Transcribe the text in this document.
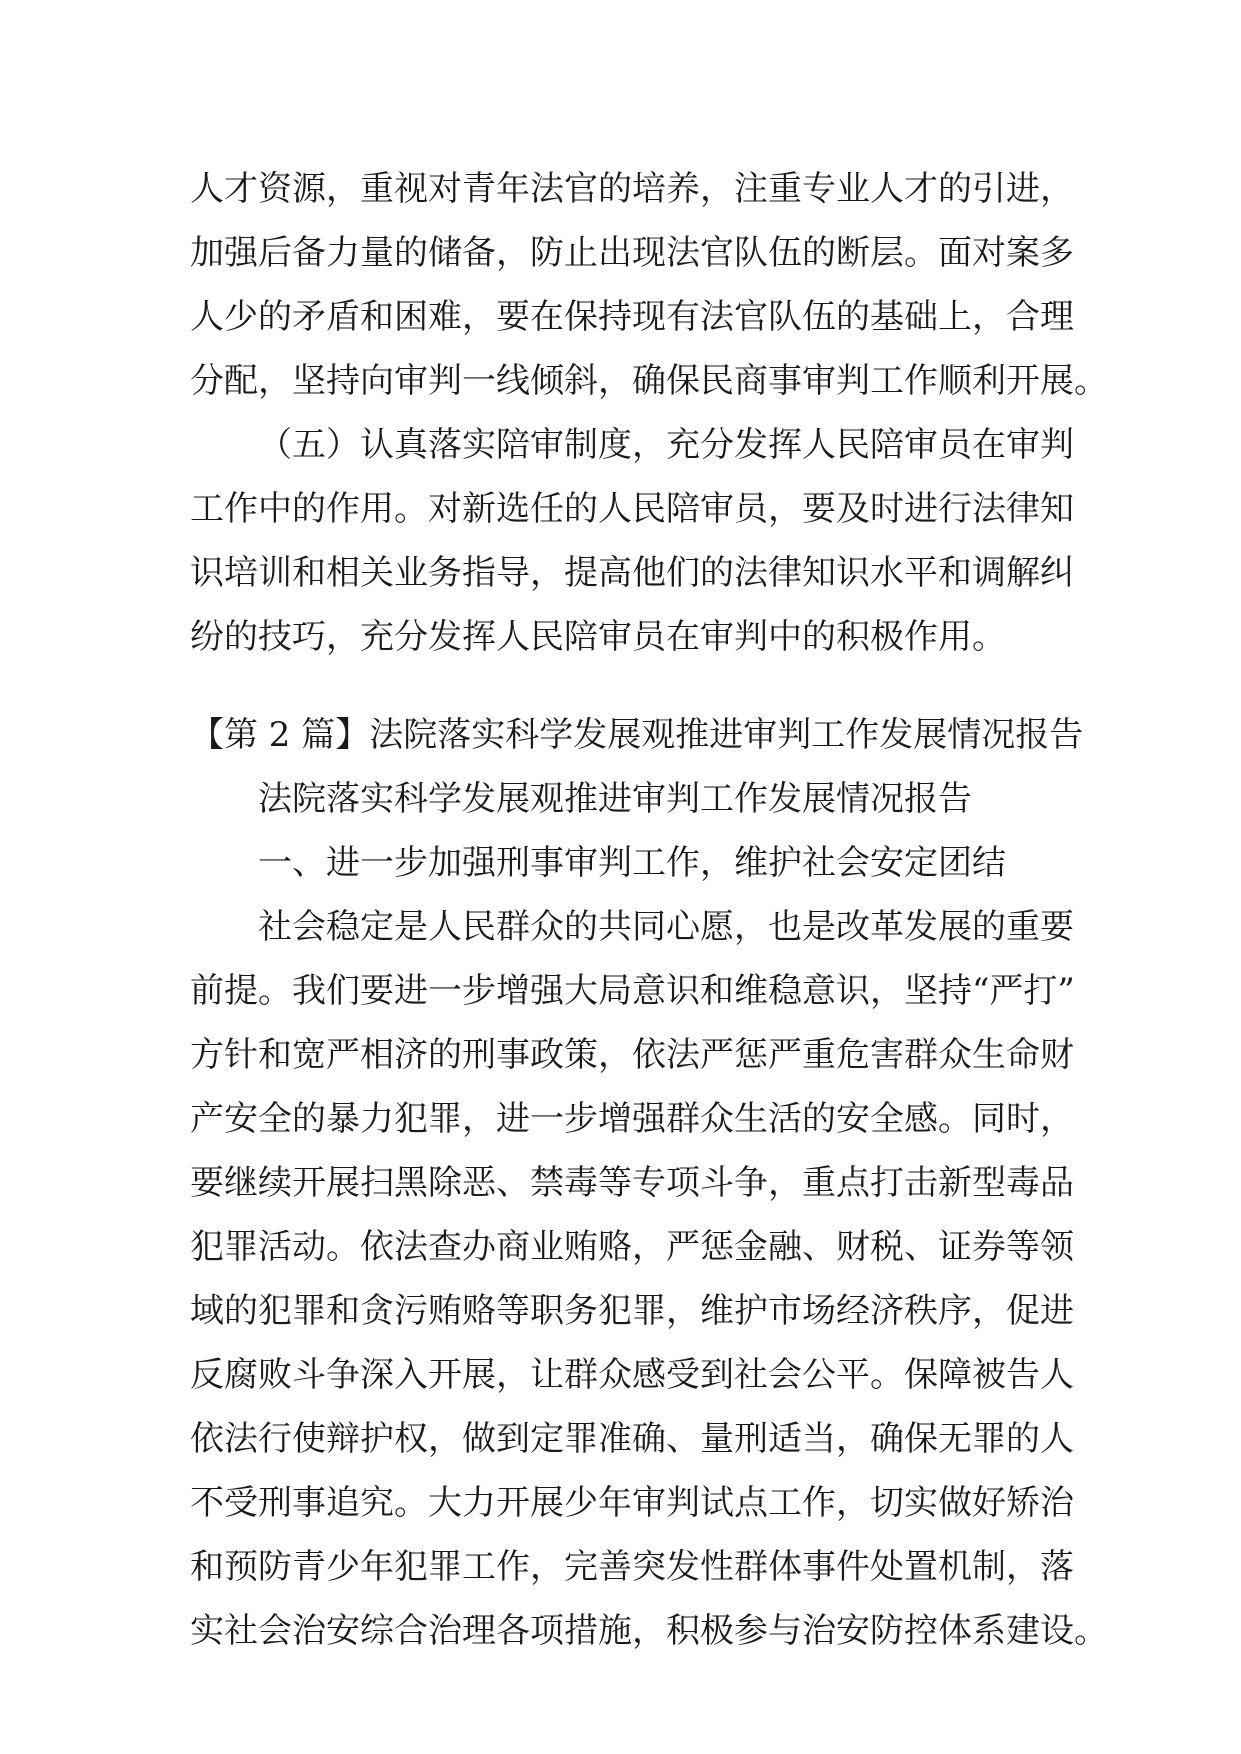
人才资源，重视对青年法官的培养，注重专业人才的引进，
加强后备力量的储备，防止出现法官队伍的断层。面对案多
人少的矛盾和困难，要在保持现有法官队伍的基础上，合理
分配，坚持向审判一线倾斜，确保民商事审判工作顺利开展。
（五）认真落实陪审制度，充分发挥人民陪审员在审判
工作中的作用。对新选任的人民陪审员，要及时进行法律知
识培训和相关业务指导，提高他们的法律知识水平和调解纠
纷的技巧，充分发挥人民陪审员在审判中的积极作用。
【第 2 篇】法院落实科学发展观推进审判工作发展情况报告
法院落实科学发展观推进审判工作发展情况报告
一、进一步加强刑事审判工作，维护社会安定团结
社会稳定是人民群众的共同心愿，也是改革发展的重要
前提。我们要进一步增强大局意识和维稳意识，坚持“严打”
方针和宽严相济的刑事政策，依法严惩严重危害群众生命财
产安全的暴力犯罪，进一步增强群众生活的安全感。同时，
要继续开展扫黑除恶、禁毒等专项斗争，重点打击新型毒品
犯罪活动。依法查办商业贿赂，严惩金融、财税、证券等领
域的犯罪和贪污贿赂等职务犯罪，维护市场经济秩序，促进
反腐败斗争深入开展，让群众感受到社会公平。保障被告人
依法行使辩护权，做到定罪准确、量刑适当，确保无罪的人
不受刑事追究。大力开展少年审判试点工作，切实做好矫治
和预防青少年犯罪工作，完善突发性群体事件处置机制，落
实社会治安综合治理各项措施，积极参与治安防控体系建设。
